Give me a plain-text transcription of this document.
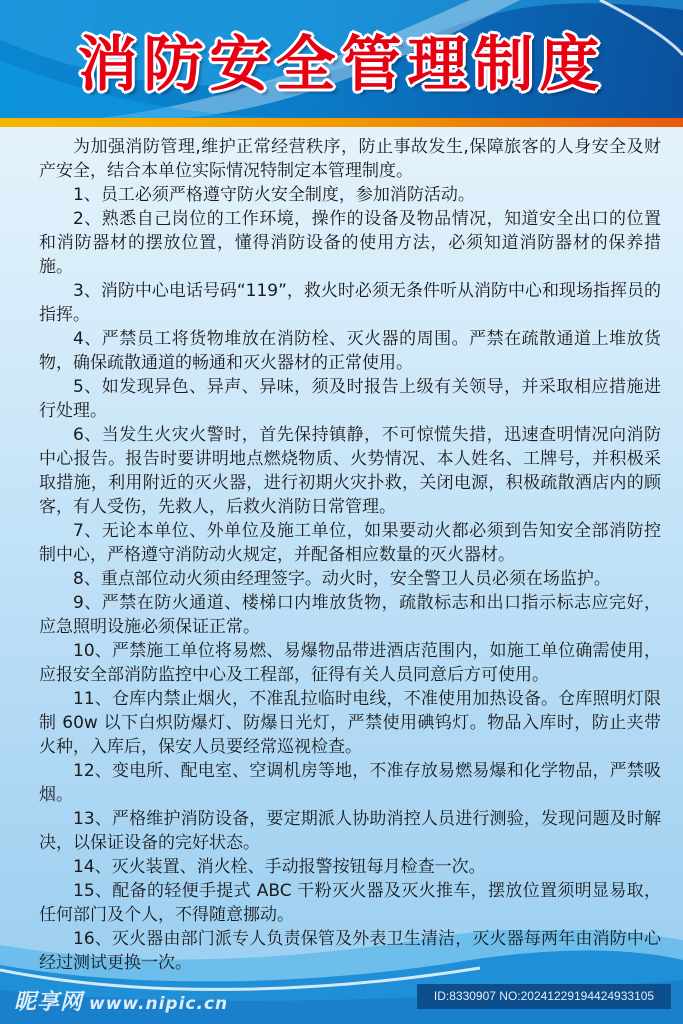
消防安全管理制度

为加强消防管理,维护正常经营秩序，防止事故发生,保障旅客的人身安全及财产安全，结合本单位实际情况特制定本管理制度。

1、员工必须严格遵守防火安全制度，参加消防活动。

2、熟悉自己岗位的工作环境，操作的设备及物品情况，知道安全出口的位置和消防器材的摆放位置，懂得消防设备的使用方法，必须知道消防器材的保养措施。

3、消防中心电话号码“119”，救火时必须无条件听从消防中心和现场指挥员的指挥。

4、严禁员工将货物堆放在消防栓、灭火器的周围。严禁在疏散通道上堆放货物，确保疏散通道的畅通和灭火器材的正常使用。

5、如发现异色、异声、异味，须及时报告上级有关领导，并采取相应措施进行处理。

6、当发生火灾火警时，首先保持镇静，不可惊慌失措，迅速查明情况向消防中心报告。报告时要讲明地点燃烧物质、火势情况、本人姓名、工牌号，并积极采取措施，利用附近的灭火器，进行初期火灾扑救，关闭电源，积极疏散酒店内的顾客，有人受伤，先救人，后救火消防日常管理。

7、无论本单位、外单位及施工单位，如果要动火都必须到告知安全部消防控制中心，严格遵守消防动火规定，并配备相应数量的灭火器材。

8、重点部位动火须由经理签字。动火时，安全警卫人员必须在场监护。

9、严禁在防火通道、楼梯口内堆放货物，疏散标志和出口指示标志应完好，应急照明设施必须保证正常。

10、严禁施工单位将易燃、易爆物品带进酒店范围内，如施工单位确需使用，应报安全部消防监控中心及工程部，征得有关人员同意后方可使用。

11、仓库内禁止烟火，不准乱拉临时电线，不准使用加热设备。仓库照明灯限制 60w 以下白炽防爆灯、防爆日光灯，严禁使用碘钨灯。物品入库时，防止夹带火种，入库后，保安人员要经常巡视检查。

12、变电所、配电室、空调机房等地，不准存放易燃易爆和化学物品，严禁吸烟。

13、严格维护消防设备，要定期派人协助消控人员进行测验，发现问题及时解决，以保证设备的完好状态。

14、灭火装置、消火栓、手动报警按钮每月检查一次。

15、配备的轻便手提式 ABC 干粉灭火器及灭火推车，摆放位置须明显易取，任何部门及个人，不得随意挪动。

16、灭火器由部门派专人负责保管及外表卫生清洁，灭火器每两年由消防中心经过测试更换一次。

昵享网 www.nipic.cn	ID:8330907 NO:20241229194424933105
